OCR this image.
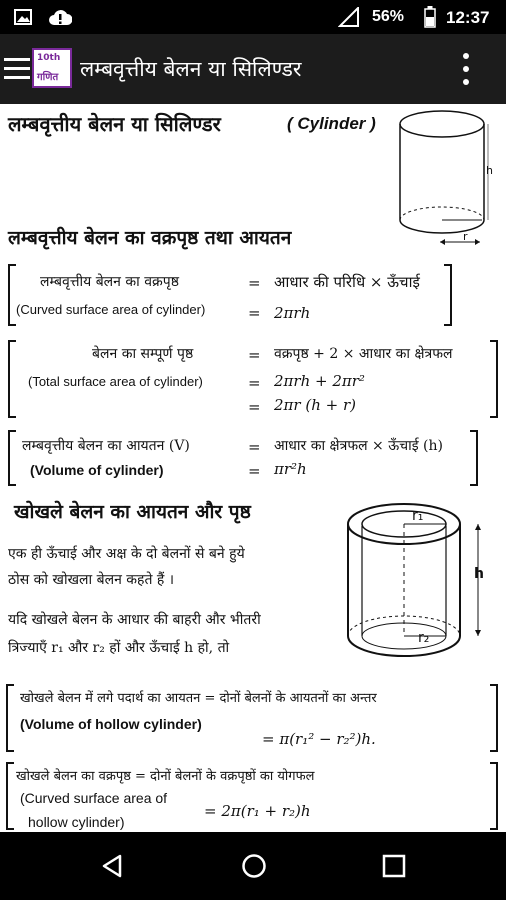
56% 12:37
10th
गणित लम्बवृत्तीय बेलन या सिलिण्डर
लम्बवृत्तीय बेलन या सिलिण्डर	( Cylinder )
h
r
लम्बवृत्तीय बेलन का वक्रपृष्ठ तथा आयतन
लम्बवृत्तीय बेलन का वक्रपृष्ठ
(Curved surface area of cylinder)
= आधार की परिधि × ऊँचाई
= 2πrh
बेलन का सम्पूर्ण पृष्ठ
(Total surface area of cylinder)
= वक्रपृष्ठ + 2 × आधार का क्षेत्रफल
= 2πrh + 2πr²
= 2πr (h + r)
लम्बवृत्तीय बेलन का आयतन (V)
(Volume of cylinder)
= आधार का क्षेत्रफल × ऊँचाई (h)
= πr²h
खोखले बेलन का आयतन और पृष्ठ
एक ही ऊँचाई और अक्ष के दो बेलनों से बने हुये
ठोस को खोखला बेलन कहते हैं ।
यदि खोखले बेलन के आधार की बाहरी और भीतरी
त्रिज्याएँ r₁ और r₂ हों और ऊँचाई h हो, तो
r₁
r₂
h
खोखले बेलन में लगे पदार्थ का आयतन = दोनों बेलनों के आयतनों का अन्तर
(Volume of hollow cylinder)
= π(r₁² − r₂²)h.
खोखले बेलन का वक्रपृष्ठ = दोनों बेलनों के वक्रपृष्ठों का योगफल
(Curved surface area of
hollow cylinder)
= 2π(r₁ + r₂)h
